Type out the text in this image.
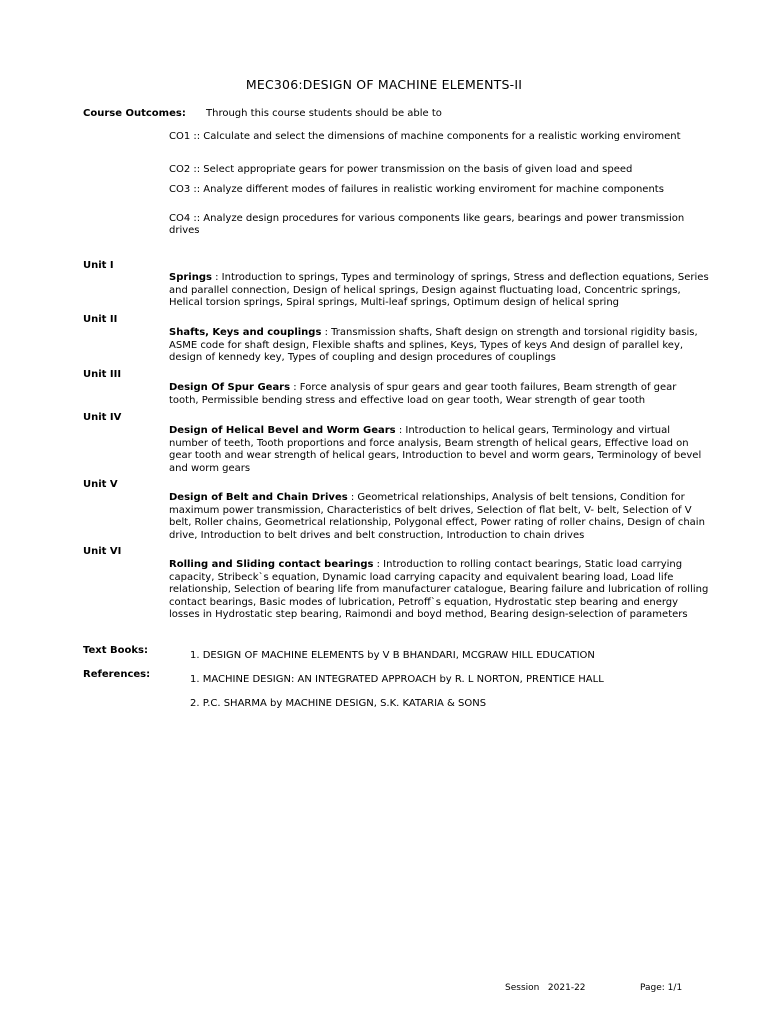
MEC306:DESIGN OF MACHINE ELEMENTS-II
Course Outcomes: Through this course students should be able to
CO1 :: Calculate and select the dimensions of machine components for a realistic working enviroment
CO2 :: Select appropriate gears for power transmission on the basis of given load and speed
CO3 :: Analyze different modes of failures in realistic working enviroment for machine components
CO4 :: Analyze design procedures for various components like gears, bearings and power transmission drives
Unit I
Springs : Introduction to springs, Types and terminology of springs, Stress and deflection equations, Series and parallel connection, Design of helical springs, Design against fluctuating load, Concentric springs, Helical torsion springs, Spiral springs, Multi-leaf springs, Optimum design of helical spring
Unit II
Shafts, Keys and couplings : Transmission shafts, Shaft design on strength and torsional rigidity basis, ASME code for shaft design, Flexible shafts and splines, Keys, Types of keys And design of parallel key, design of kennedy key, Types of coupling and design procedures of couplings
Unit III
Design Of Spur Gears : Force analysis of spur gears and gear tooth failures, Beam strength of gear tooth, Permissible bending stress and effective load on gear tooth, Wear strength of gear tooth
Unit IV
Design of Helical Bevel and Worm Gears : Introduction to helical gears, Terminology and virtual number of teeth, Tooth proportions and force analysis, Beam strength of helical gears, Effective load on gear tooth and wear strength of helical gears, Introduction to bevel and worm gears, Terminology of bevel and worm gears
Unit V
Design of Belt and Chain Drives : Geometrical relationships, Analysis of belt tensions, Condition for maximum power transmission, Characteristics of belt drives, Selection of flat belt, V- belt, Selection of V belt, Roller chains, Geometrical relationship, Polygonal effect, Power rating of roller chains, Design of chain drive, Introduction to belt drives and belt construction, Introduction to chain drives
Unit VI
Rolling and Sliding contact bearings : Introduction to rolling contact bearings, Static load carrying capacity, Stribeck`s equation, Dynamic load carrying capacity and equivalent bearing load, Load life relationship, Selection of bearing life from manufacturer catalogue, Bearing failure and lubrication of rolling contact bearings, Basic modes of lubrication, Petroff`s equation, Hydrostatic step bearing and energy losses in Hydrostatic step bearing, Raimondi and boyd method, Bearing design-selection of parameters
Text Books:	1. DESIGN OF MACHINE ELEMENTS by V B BHANDARI, MCGRAW HILL EDUCATION
References:	1. MACHINE DESIGN: AN INTEGRATED APPROACH by R. L NORTON, PRENTICE HALL
2. P.C. SHARMA by MACHINE DESIGN, S.K. KATARIA & SONS
Session   2021-22	Page: 1/1
